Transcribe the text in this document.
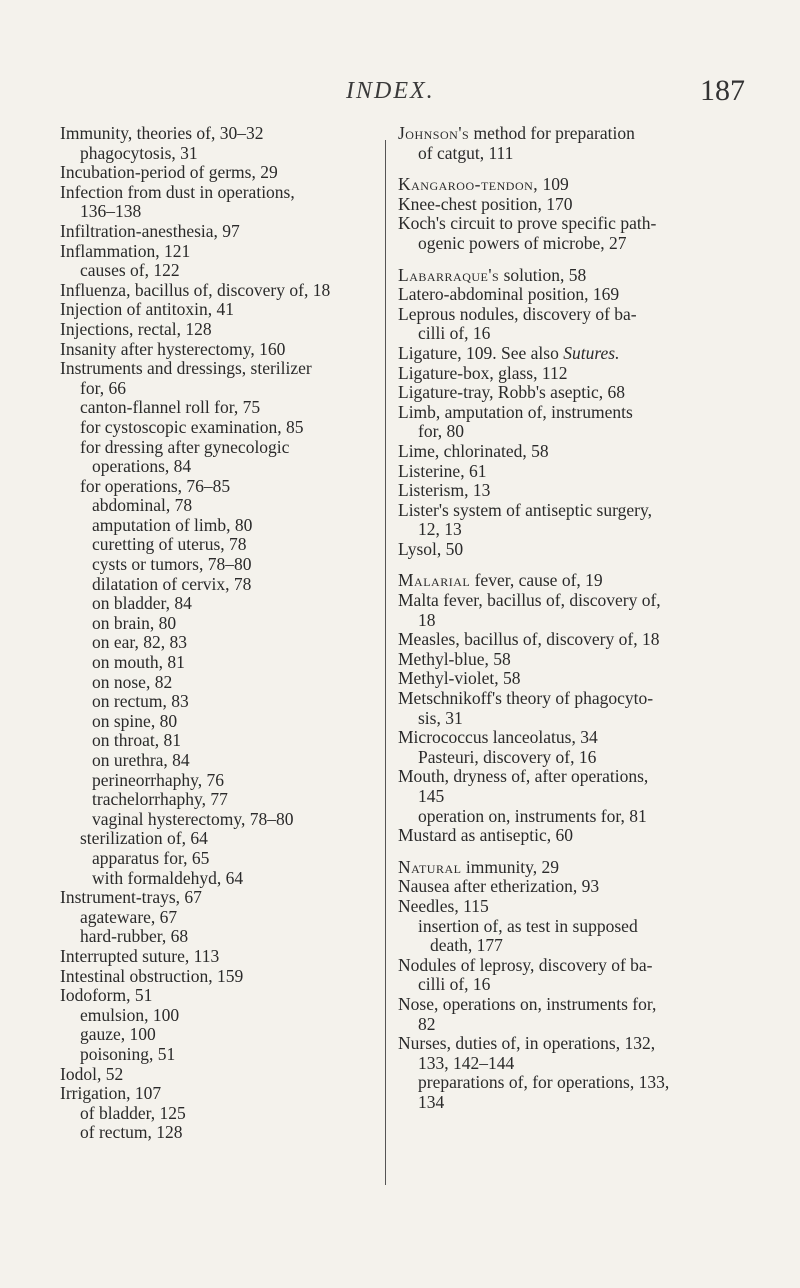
INDEX.	187
Immunity, theories of, 30–32
phagocytosis, 31
Incubation-period of germs, 29
Infection from dust in operations,
136–138
Infiltration-anesthesia, 97
Inflammation, 121
causes of, 122
Influenza, bacillus of, discovery of, 18
Injection of antitoxin, 41
Injections, rectal, 128
Insanity after hysterectomy, 160
Instruments and dressings, sterilizer
for, 66
canton-flannel roll for, 75
for cystoscopic examination, 85
for dressing after gynecologic
operations, 84
for operations, 76–85
abdominal, 78
amputation of limb, 80
curetting of uterus, 78
cysts or tumors, 78–80
dilatation of cervix, 78
on bladder, 84
on brain, 80
on ear, 82, 83
on mouth, 81
on nose, 82
on rectum, 83
on spine, 80
on throat, 81
on urethra, 84
perineorrhaphy, 76
trachelorrhaphy, 77
vaginal hysterectomy, 78–80
sterilization of, 64
apparatus for, 65
with formaldehyd, 64
Instrument-trays, 67
agateware, 67
hard-rubber, 68
Interrupted suture, 113
Intestinal obstruction, 159
Iodoform, 51
emulsion, 100
gauze, 100
poisoning, 51
Iodol, 52
Irrigation, 107
of bladder, 125
of rectum, 128
Johnson's method for preparation
of catgut, 111
Kangaroo-tendon, 109
Knee-chest position, 170
Koch's circuit to prove specific path-
ogenic powers of microbe, 27
Labarraque's solution, 58
Latero-abdominal position, 169
Leprous nodules, discovery of ba-
cilli of, 16
Ligature, 109. See also Sutures.
Ligature-box, glass, 112
Ligature-tray, Robb's aseptic, 68
Limb, amputation of, instruments
for, 80
Lime, chlorinated, 58
Listerine, 61
Listerism, 13
Lister's system of antiseptic surgery,
12, 13
Lysol, 50
Malarial fever, cause of, 19
Malta fever, bacillus of, discovery of,
18
Measles, bacillus of, discovery of, 18
Methyl-blue, 58
Methyl-violet, 58
Metschnikoff's theory of phagocyto-
sis, 31
Micrococcus lanceolatus, 34
Pasteuri, discovery of, 16
Mouth, dryness of, after operations,
145
operation on, instruments for, 81
Mustard as antiseptic, 60
Natural immunity, 29
Nausea after etherization, 93
Needles, 115
insertion of, as test in supposed
death, 177
Nodules of leprosy, discovery of ba-
cilli of, 16
Nose, operations on, instruments for,
82
Nurses, duties of, in operations, 132,
133, 142–144
preparations of, for operations, 133,
134
